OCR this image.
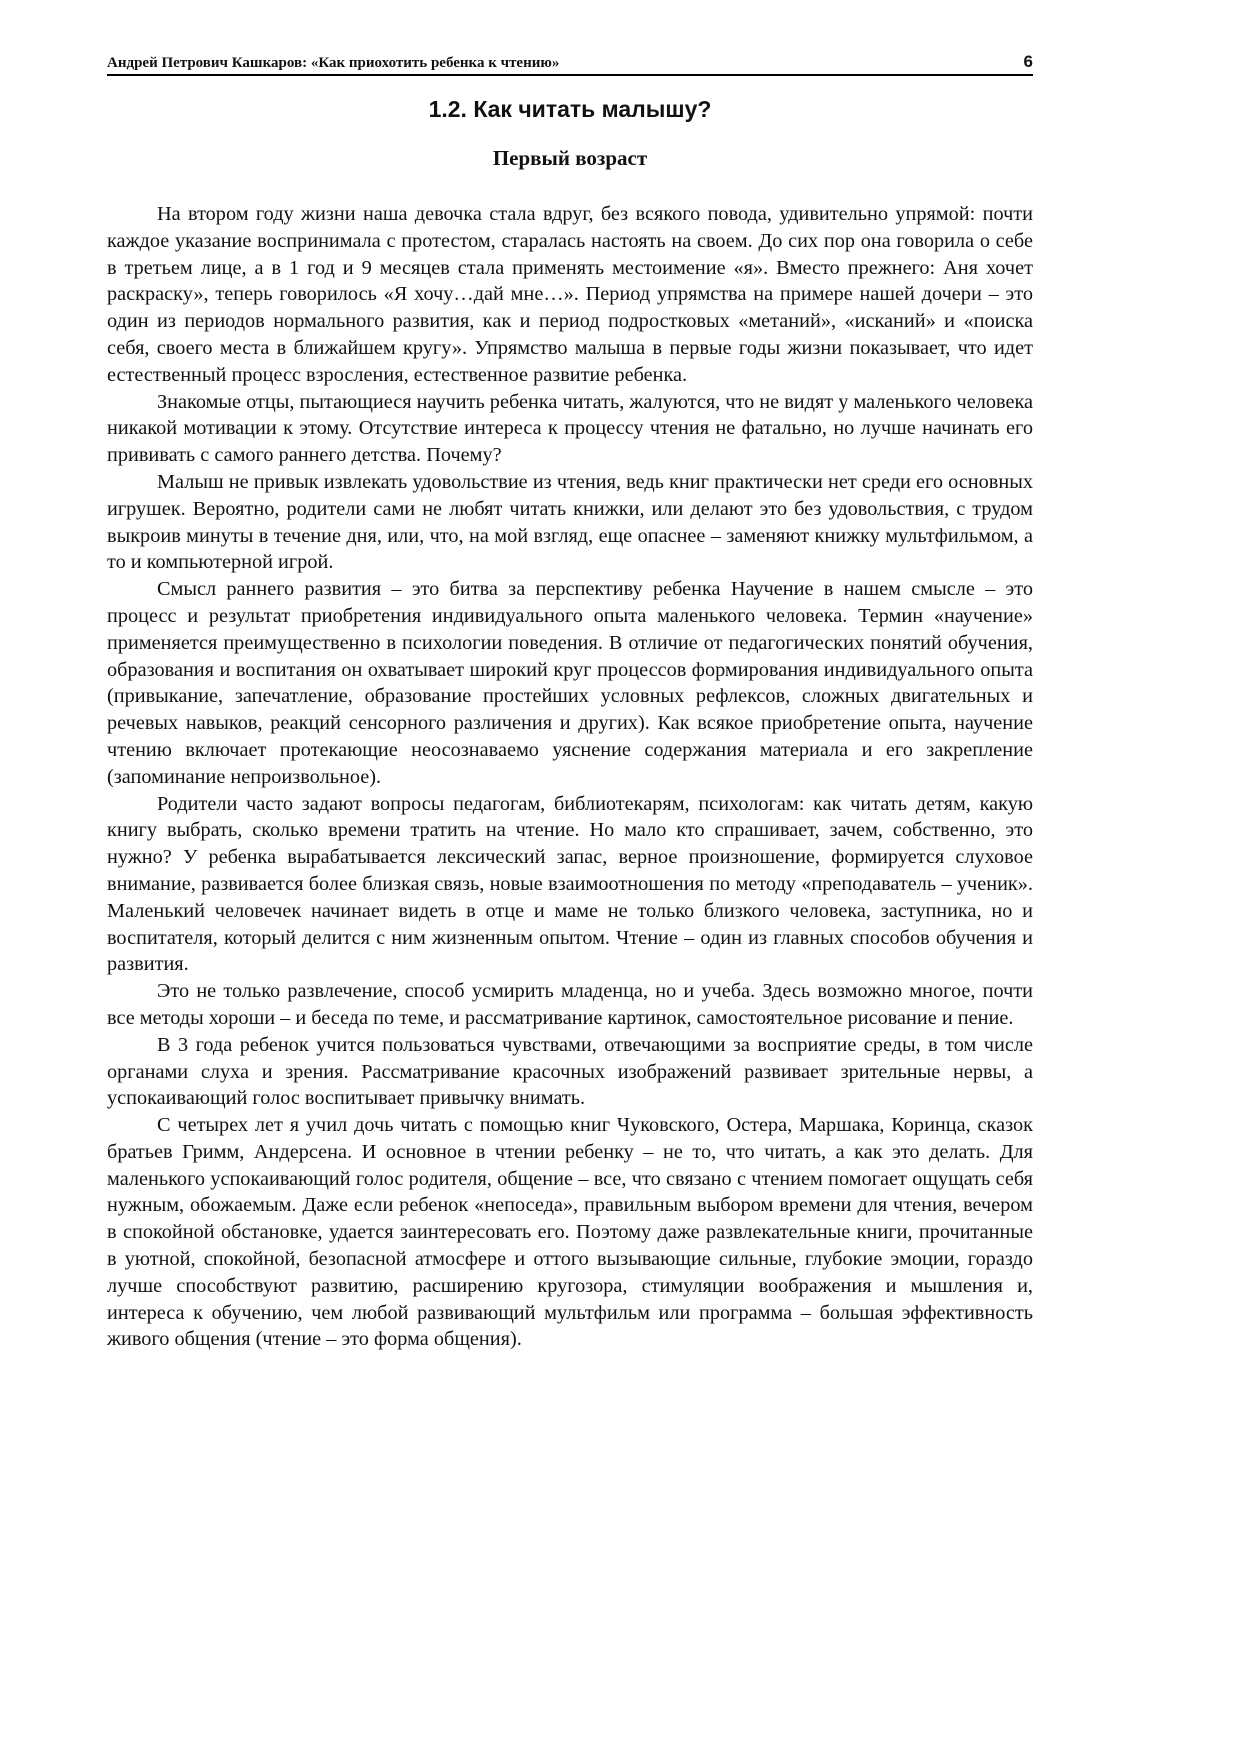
Андрей Петрович Кашкаров: «Как приохотить ребенка к чтению»	6
1.2. Как читать малышу?
Первый возраст

На втором году жизни наша девочка стала вдруг, без всякого повода, удивительно упрямой: почти каждое указание воспринимала с протестом, старалась настоять на своем. До сих пор она говорила о себе в третьем лице, а в 1 год и 9 месяцев стала применять местоимение «я». Вместо прежнего: Аня хочет раскраску», теперь говорилось «Я хочу…дай мне…». Период упрямства на примере нашей дочери – это один из периодов нормального развития, как и период подростковых «метаний», «исканий» и «поиска себя, своего места в ближайшем кругу». Упрямство малыша в первые годы жизни показывает, что идет естественный процесс взросления, естественное развитие ребенка.

Знакомые отцы, пытающиеся научить ребенка читать, жалуются, что не видят у маленького человека никакой мотивации к этому. Отсутствие интереса к процессу чтения не фатально, но лучше начинать его прививать с самого раннего детства. Почему?

Малыш не привык извлекать удовольствие из чтения, ведь книг практически нет среди его основных игрушек. Вероятно, родители сами не любят читать книжки, или делают это без удовольствия, с трудом выкроив минуты в течение дня, или, что, на мой взгляд, еще опаснее – заменяют книжку мультфильмом, а то и компьютерной игрой.

Смысл раннего развития – это битва за перспективу ребенка Научение в нашем смысле – это процесс и результат приобретения индивидуального опыта маленького человека. Термин «научение» применяется преимущественно в психологии поведения. В отличие от педагогических понятий обучения, образования и воспитания он охватывает широкий круг процессов формирования индивидуального опыта (привыкание, запечатление, образование простейших условных рефлексов, сложных двигательных и речевых навыков, реакций сенсорного различения и других). Как всякое приобретение опыта, научение чтению включает протекающие неосознаваемо уяснение содержания материала и его закрепление (запоминание непроизвольное).

Родители часто задают вопросы педагогам, библиотекарям, психологам: как читать детям, какую книгу выбрать, сколько времени тратить на чтение. Но мало кто спрашивает, зачем, собственно, это нужно? У ребенка вырабатывается лексический запас, верное произношение, формируется слуховое внимание, развивается более близкая связь, новые взаимоотношения по методу «преподаватель – ученик». Маленький человечек начинает видеть в отце и маме не только близкого человека, заступника, но и воспитателя, который делится с ним жизненным опытом. Чтение – один из главных способов обучения и развития.

Это не только развлечение, способ усмирить младенца, но и учеба. Здесь возможно многое, почти все методы хороши – и беседа по теме, и рассматривание картинок, самостоятельное рисование и пение.

В 3 года ребенок учится пользоваться чувствами, отвечающими за восприятие среды, в том числе органами слуха и зрения. Рассматривание красочных изображений развивает зрительные нервы, а успокаивающий голос воспитывает привычку внимать.

С четырех лет я учил дочь читать с помощью книг Чуковского, Остера, Маршака, Коринца, сказок братьев Гримм, Андерсена. И основное в чтении ребенку – не то, что читать, а как это делать. Для маленького успокаивающий голос родителя, общение – все, что связано с чтением помогает ощущать себя нужным, обожаемым. Даже если ребенок «непоседа», правильным выбором времени для чтения, вечером в спокойной обстановке, удается заинтересовать его. Поэтому даже развлекательные книги, прочитанные в уютной, спокойной, безопасной атмосфере и оттого вызывающие сильные, глубокие эмоции, гораздо лучше способствуют развитию, расширению кругозора, стимуляции воображения и мышления и, интереса к обучению, чем любой развивающий мультфильм или программа – большая эффективность живого общения (чтение – это форма общения).
